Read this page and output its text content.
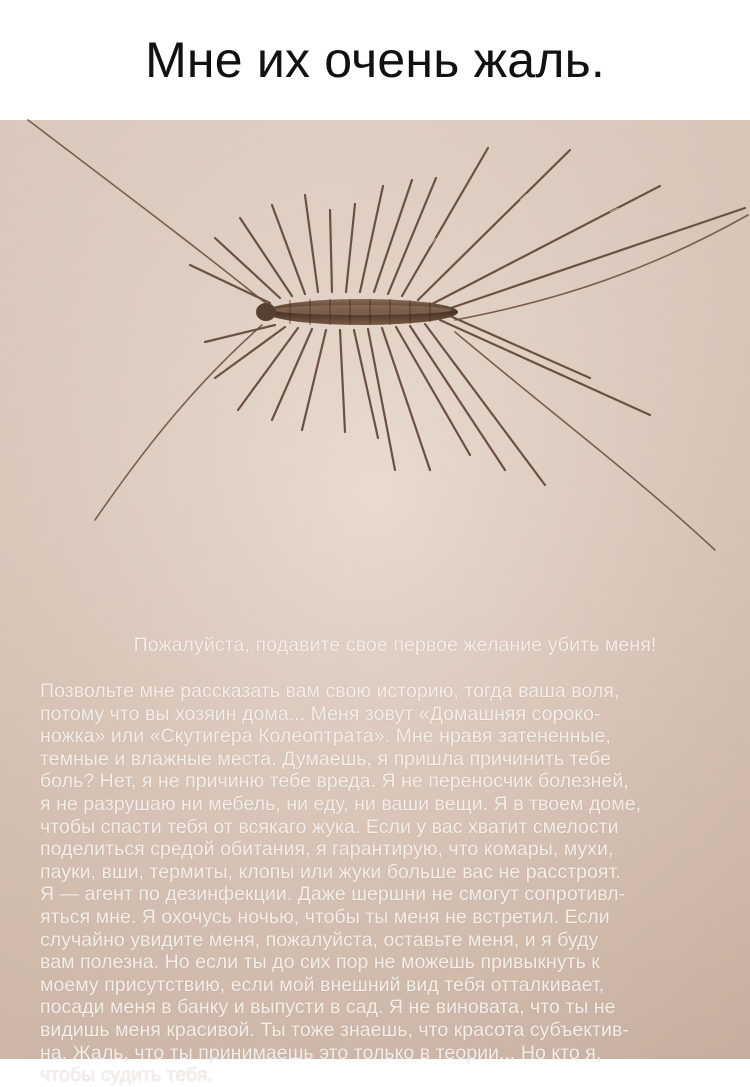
Мне их очень жаль.
Пожалуйста, подавите свое первое желание убить меня!
Позвольте мне рассказать вам свою историю, тогда ваша воля,
потому что вы хозяин дома... Меня зовут «Домашняя сороко-
ножка» или «Скутигера Колеоптрата». Мне нравя затененные,
темные и влажные места. Думаешь, я пришла причинить тебе
боль? Нет, я не причиню тебе вреда. Я не переносчик болезней,
я не разрушаю ни мебель, ни еду, ни ваши вещи. Я в твоем доме,
чтобы спасти тебя от всякаго жука. Если у вас хватит смелости
поделиться средой обитания, я гарантирую, что комары, мухи,
пауки, вши, термиты, клопы или жуки больше вас не расстроят.
Я — агент по дезинфекции. Даже шершни не смогут сопротивл-
яться мне. Я охочусь ночью, чтобы ты меня не встретил. Если
случайно увидите меня, пожалуйста, оставьте меня, и я буду
вам полезна. Но если ты до сих пор не можешь привыкнуть к
моему присутствию, если мой внешний вид тебя отталкивает,
посади меня в банку и выпусти в сад. Я не виновата, что ты не
видишь меня красивой. Ты тоже знаешь, что красота субъектив-
на. Жаль, что ты принимаешь это только в теории... Но кто я,
чтобы судить тебя.
